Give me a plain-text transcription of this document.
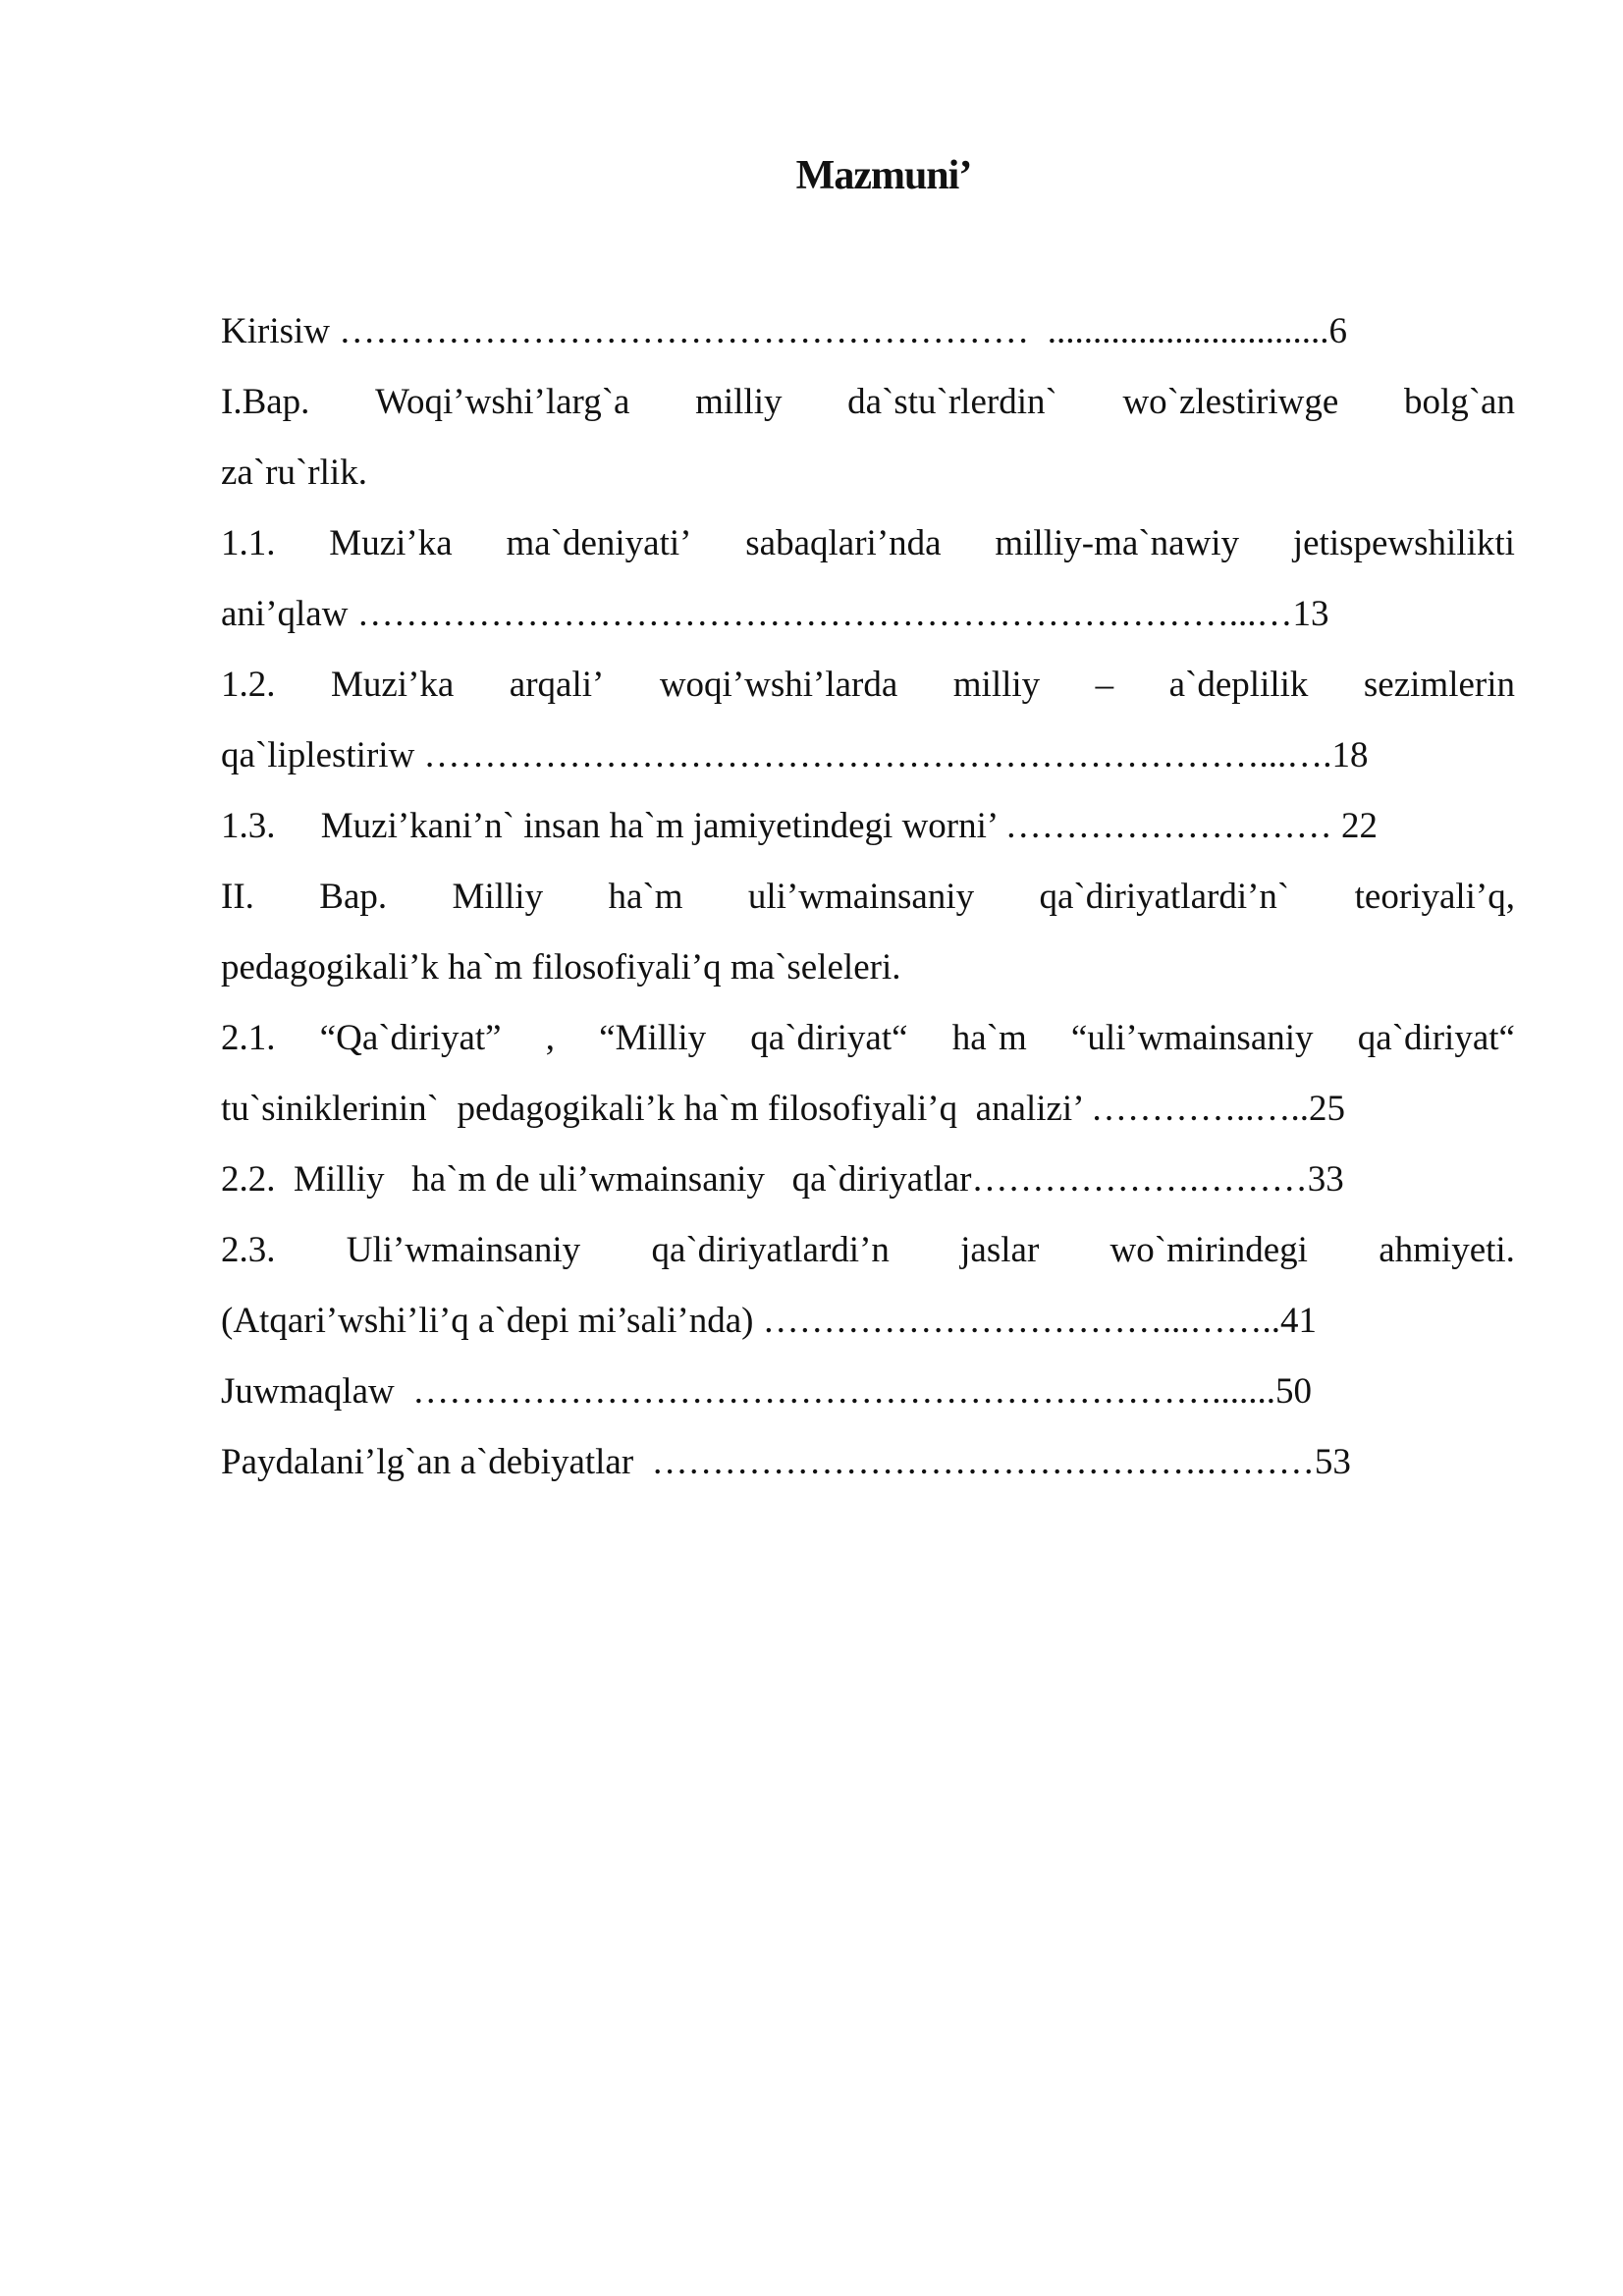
Mazmuni’
Kirisiw …………………………………………………  ...............................6
I.Bap. Woqi’wshi’larg`a milliy da`stu`rlerdin` wo`zlestiriwge bolg`an
za`ru`rlik.
1.1. Muzi’ka ma`deniyati’ sabaqlari’nda milliy-ma`nawiy jetispewshilikti
ani’qlaw ………………………………………………………………...…13
1.2. Muzi’ka arqali’ woqi’wshi’larda milliy – a`deplilik sezimlerin
qa`liplestiriw ……………………………………………………………...….18
1.3.     Muzi’kani’n` insan ha`m jamiyetindegi worni’ ……………………… 22
II. Bap. Milliy ha`m uli’wmainsaniy qa`diriyatlardi’n` teoriyali’q,
pedagogikali’k ha`m filosofiyali’q ma`seleleri.
2.1. “Qa`diriyat” , “Milliy qa`diriyat“ ha`m “uli’wmainsaniy qa`diriyat“
tu`siniklerinin`  pedagogikali’k ha`m filosofiyali’q  analizi’ …………..…..25
2.2.  Milliy   ha`m de uli’wmainsaniy   qa`diriyatlar……………….………33
2.3. Uli’wmainsaniy qa`diriyatlardi’n jaslar wo`mirindegi ahmiyeti.
(Atqari’wshi’li’q a`depi mi’sali’nda) ……………………………...……..41
Juwmaqlaw  ………………………………………………………….......50
Paydalani’lg`an a`debiyatlar  ……………………………………….………53
